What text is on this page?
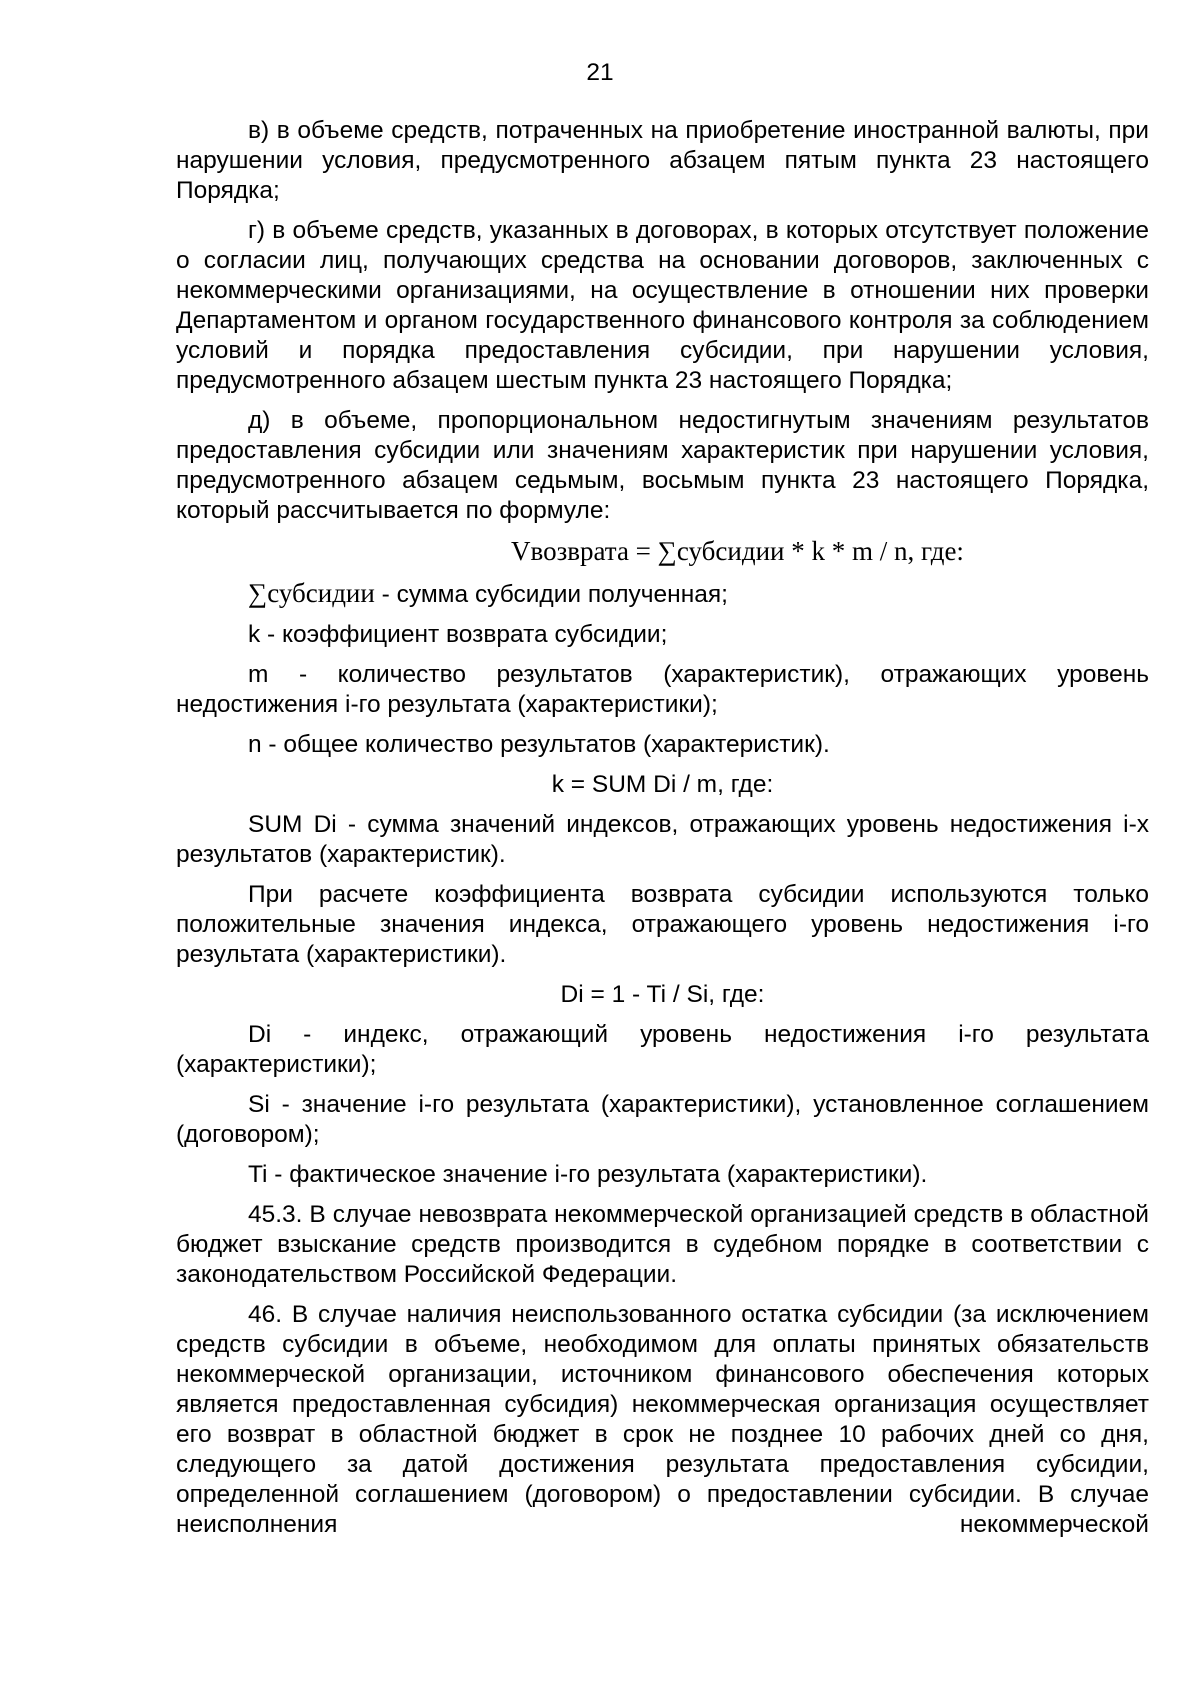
21

в) в объеме средств, потраченных на приобретение иностранной валюты, при нарушении условия, предусмотренного абзацем пятым пункта 23 настоящего Порядка;

г) в объеме средств, указанных в договорах, в которых отсутствует положение о согласии лиц, получающих средства на основании договоров, заключенных с некоммерческими организациями, на осуществление в отношении них проверки Департаментом и органом государственного финансового контроля за соблюдением условий и порядка предоставления субсидии, при нарушении условия, предусмотренного абзацем шестым пункта 23 настоящего Порядка;

д) в объеме, пропорциональном недостигнутым значениям результатов предоставления субсидии или значениям характеристик при нарушении условия, предусмотренного абзацем седьмым, восьмым пункта 23 настоящего Порядка, который рассчитывается по формуле:

Vвозврата = ∑субсидии * k * m / n, где:

∑субсидии - сумма субсидии полученная;

k - коэффициент возврата субсидии;

m - количество результатов (характеристик), отражающих уровень недостижения i-го результата (характеристики);

n - общее количество результатов (характеристик).

k = SUM Di / m, где:

SUM Di - сумма значений индексов, отражающих уровень недостижения i-х результатов (характеристик).

При расчете коэффициента возврата субсидии используются только положительные значения индекса, отражающего уровень недостижения i-го результата (характеристики).

Di = 1 - Ti / Si, где:

Di - индекс, отражающий уровень недостижения i-го результата (характеристики);

Si - значение i-го результата (характеристики), установленное соглашением (договором);

Ti - фактическое значение i-го результата (характеристики).

45.3. В случае невозврата некоммерческой организацией средств в областной бюджет взыскание средств производится в судебном порядке в соответствии с законодательством Российской Федерации.

46. В случае наличия неиспользованного остатка субсидии (за исключением средств субсидии в объеме, необходимом для оплаты принятых обязательств некоммерческой организации, источником финансового обеспечения которых является предоставленная субсидия) некоммерческая организация осуществляет его возврат в областной бюджет в срок не позднее 10 рабочих дней со дня, следующего за датой достижения результата предоставления субсидии, определенной соглашением (договором) о предоставлении субсидии. В случае неисполнения некоммерческой
